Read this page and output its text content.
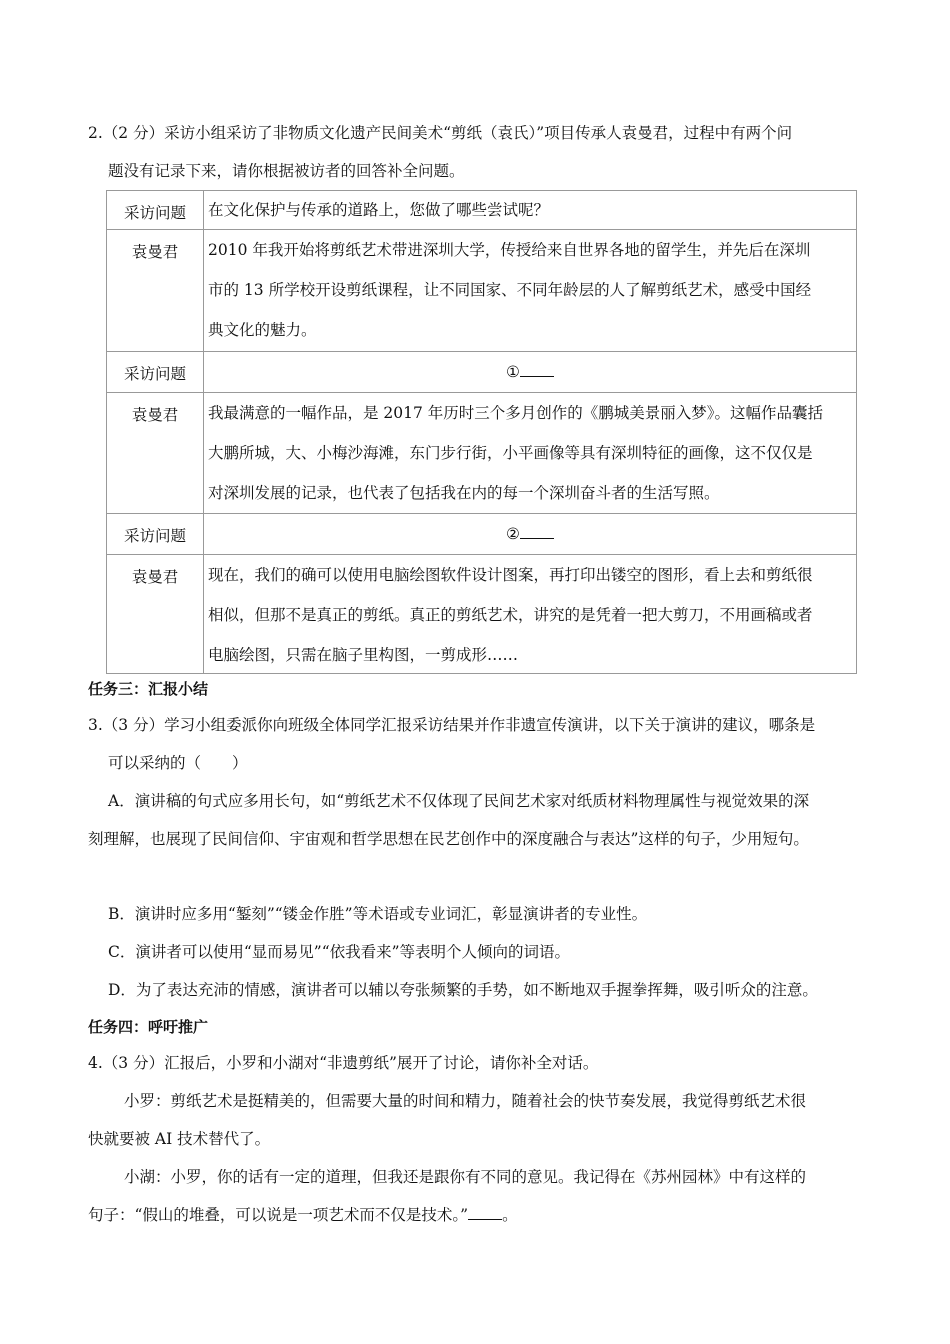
2.（2 分）采访小组采访了非物质文化遗产民间美术“剪纸（袁氏）”项目传承人袁曼君，过程中有两个问
题没有记录下来，请你根据被访者的回答补全问题。
采访问题	在文化保护与传承的道路上，您做了哪些尝试呢？

袁曼君	2010 年我开始将剪纸艺术带进深圳大学，传授给来自世界各地的留学生，并先后在深圳
市的 13 所学校开设剪纸课程，让不同国家、不同年龄层的人了解剪纸艺术，感受中国经
典文化的魅力。

采访问题	①

袁曼君	我最满意的一幅作品，是 2017 年历时三个多月创作的《鹏城美景丽入梦》。这幅作品囊括
大鹏所城，大、小梅沙海滩，东门步行街，小平画像等具有深圳特征的画像，这不仅仅是
对深圳发展的记录，也代表了包括我在内的每一个深圳奋斗者的生活写照。

采访问题	②

袁曼君	现在，我们的确可以使用电脑绘图软件设计图案，再打印出镂空的图形，看上去和剪纸很
相似，但那不是真正的剪纸。真正的剪纸艺术，讲究的是凭着一把大剪刀，不用画稿或者
电脑绘图，只需在脑子里构图，一剪成形……
任务三：汇报小结
3.（3 分）学习小组委派你向班级全体同学汇报采访结果并作非遗宣传演讲，以下关于演讲的建议，哪条是
可以采纳的（　　）
A．演讲稿的句式应多用长句，如“剪纸艺术不仅体现了民间艺术家对纸质材料物理属性与视觉效果的深
刻理解，也展现了民间信仰、宇宙观和哲学思想在民艺创作中的深度融合与表达”这样的句子，少用短句。
B．演讲时应多用“錾刻”“镂金作胜”等术语或专业词汇，彰显演讲者的专业性。
C．演讲者可以使用“显而易见”“依我看来”等表明个人倾向的词语。
D．为了表达充沛的情感，演讲者可以辅以夸张频繁的手势，如不断地双手握拳挥舞，吸引听众的注意。
任务四：呼吁推广
4.（3 分）汇报后，小罗和小湖对“非遗剪纸”展开了讨论，请你补全对话。
小罗：剪纸艺术是挺精美的，但需要大量的时间和精力，随着社会的快节奏发展，我觉得剪纸艺术很
快就要被 AI 技术替代了。
小湖：小罗，你的话有一定的道理，但我还是跟你有不同的意见。我记得在《苏州园林》中有这样的
句子：“假山的堆叠，可以说是一项艺术而不仅是技术。” 。
